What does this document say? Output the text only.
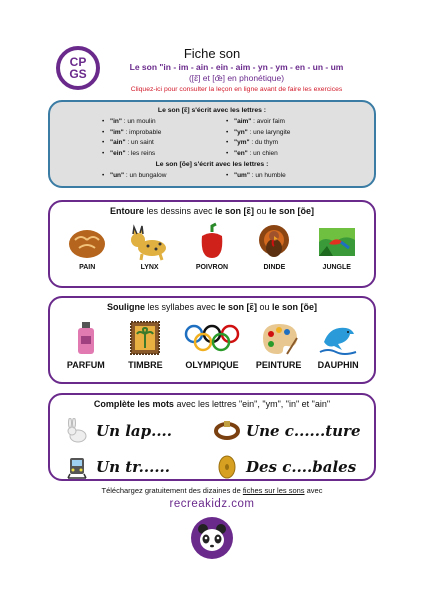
CP
GS
Fiche son
Le son "in - im - ain - ein - aim - yn - ym - en - un - um
([ɛ̃] et [œ̃] en phonétique)
Cliquez-ici pour consulter la leçon en ligne avant de faire les exercices
Le son [ɛ̃] s'écrit avec les lettres :
• "in" : un moulin
• "im" : improbable
• "ain" : un saint
• "ein" : les reins
• "aim" : avoir faim
• "yn" : une laryngite
• "ym" : du thym
• "en" : un chien
Le son [õe] s'écrit avec les lettres :
• "un" : un bungalow
•	"um" : un humble
Entoure les dessins avec le son [ɛ̃] ou le son [õe]
PAIN	LYNX	POIVRON	DINDE	JUNGLE
Souligne les syllabes avec le son [ɛ̃] ou le son [õe]
PARFUM	TIMBRE	OLYMPIQUE PEINTURE DAUPHIN
Complète les mots avec les lettres "ein", "ym", "in" et "ain"
Un lap....	Une c......ture
Un tr......	Des c....bales
Téléchargez gratuitement des dizaines de fiches sur les sons avec
recreakidz.com
